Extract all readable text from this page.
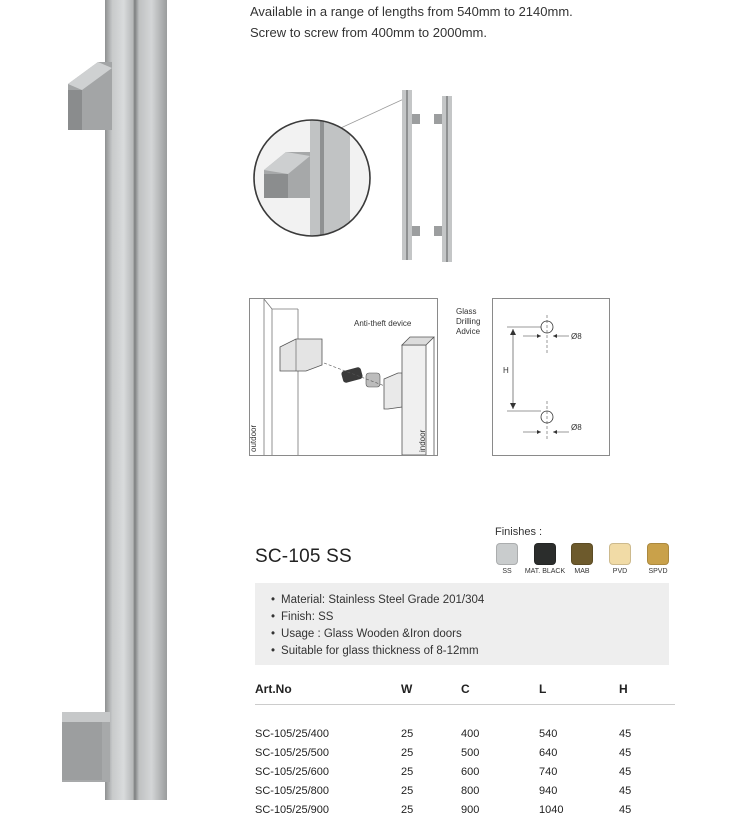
Available in a range of lengths from 540mm to 2140mm.
Screw to screw from 400mm to 2000mm.
Anti-theft device
outdoor	indoor
Glass Drilling Advice
H
Ø8
Ø8
Finishes :
SS	MAT. BLACK	MAB	PVD	SPVD
SC-105 SS
• Material: Stainless Steel Grade 201/304
• Finish: SS
• Usage : Glass Wooden &Iron doors
• Suitable for glass thickness of 8-12mm
Art.No	W	C	L	H

SC-105/25/400	25	400	540	45
SC-105/25/500	25	500	640	45
SC-105/25/600	25	600	740	45
SC-105/25/800	25	800	940	45
SC-105/25/900	25	900	1040	45
